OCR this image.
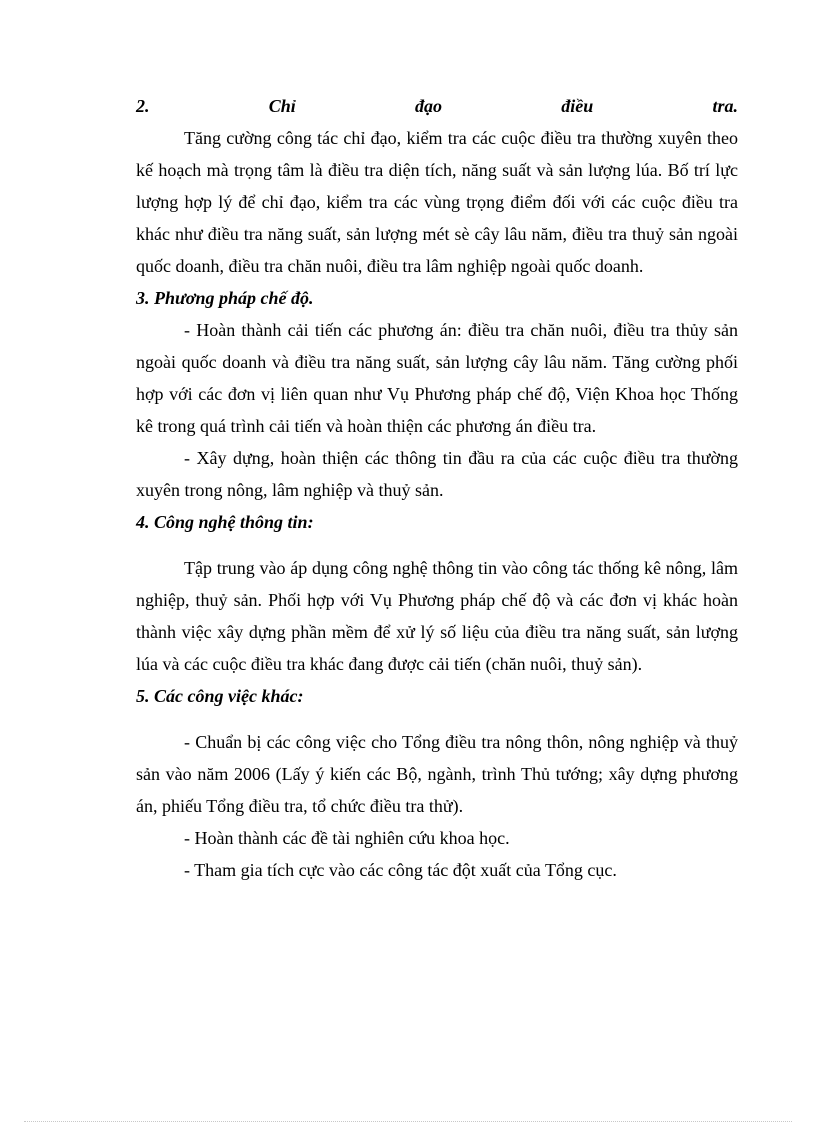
2.	Chỉ	đạo	điều	tra.

Tăng cường công tác chỉ đạo, kiểm tra các cuộc điều tra thường xuyên theo kế hoạch mà trọng tâm là điều tra diện tích, năng suất và sản lượng lúa. Bố trí lực lượng hợp lý để chỉ đạo, kiểm tra các vùng trọng điểm đối với các cuộc điều tra khác như điều tra năng suất, sản lượng mét sè cây lâu năm, điều tra thuỷ sản ngoài quốc doanh, điều tra chăn nuôi, điều tra lâm nghiệp ngoài quốc doanh.

3. Phương pháp chế độ.

- Hoàn thành cải tiến các phương án: điều tra chăn nuôi, điều tra thủy sản ngoài quốc doanh và điều tra năng suất, sản lượng cây lâu năm. Tăng cường phối hợp với các đơn vị liên quan như Vụ Phương pháp chế độ, Viện Khoa học Thống kê trong quá trình cải tiến và hoàn thiện các phương án điều tra.

- Xây dựng, hoàn thiện các thông tin đầu ra của các cuộc điều tra thường xuyên trong nông, lâm nghiệp và thuỷ sản.

4. Công nghệ thông tin:

Tập trung vào áp dụng công nghệ thông tin vào công tác thống kê nông, lâm nghiệp, thuỷ sản. Phối hợp với Vụ Phương pháp chế độ và các đơn vị khác hoàn thành việc xây dựng phần mềm để xử lý số liệu của điều tra năng suất, sản lượng lúa và các cuộc điều tra khác đang được cải tiến (chăn nuôi, thuỷ sản).

5. Các công việc khác:

- Chuẩn bị các công việc cho Tổng điều tra nông thôn, nông nghiệp và thuỷ sản vào năm 2006 (Lấy ý kiến các Bộ, ngành, trình Thủ tướng; xây dựng phương án, phiếu Tổng điều tra, tổ chức điều tra thử).

- Hoàn thành các đề tài nghiên cứu khoa học.

- Tham gia tích cực vào các công tác đột xuất của Tổng cục.
